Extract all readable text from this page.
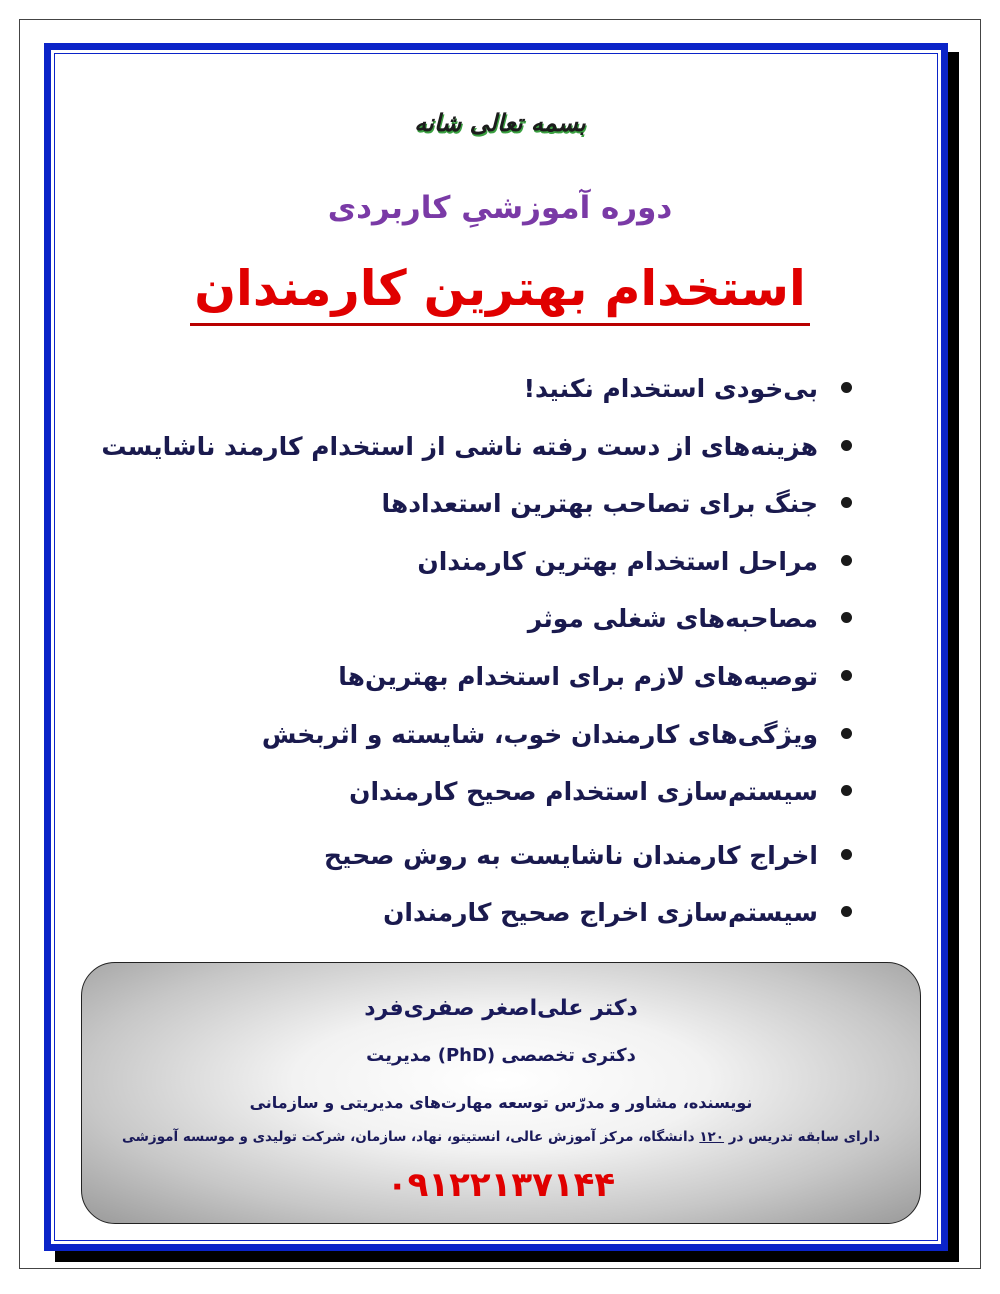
بسمه تعالی شانه
دوره آموزشیِ کاربردی
استخدام بهترین کارمندان
بی‌خودی استخدام نکنید!
هزینه‌های از دست رفته ناشی از استخدام کارمند ناشایست
جنگ برای تصاحب بهترین استعدادها
مراحل استخدام بهترین کارمندان
مصاحبه‌های شغلی موثر
توصیه‌های لازم برای استخدام بهترین‌ها
ویژگی‌های کارمندان خوب، شایسته و اثربخش
سیستم‌سازی استخدام صحیح کارمندان
اخراج کارمندان ناشایست به روش صحیح
سیستم‌سازی اخراج صحیح کارمندان
دکتر علی‌اصغر صفری‌فرد
دکتری تخصصی (PhD) مدیریت
نویسنده، مشاور و مدرّس توسعه مهارت‌های مدیریتی و سازمانی
دارای سابقه تدریس در ۱۲۰ دانشگاه، مرکز آموزش عالی، انستیتو، نهاد، سازمان، شرکت تولیدی و موسسه آموزشی
۰۹۱۲۲۱۳۷۱۴۴
